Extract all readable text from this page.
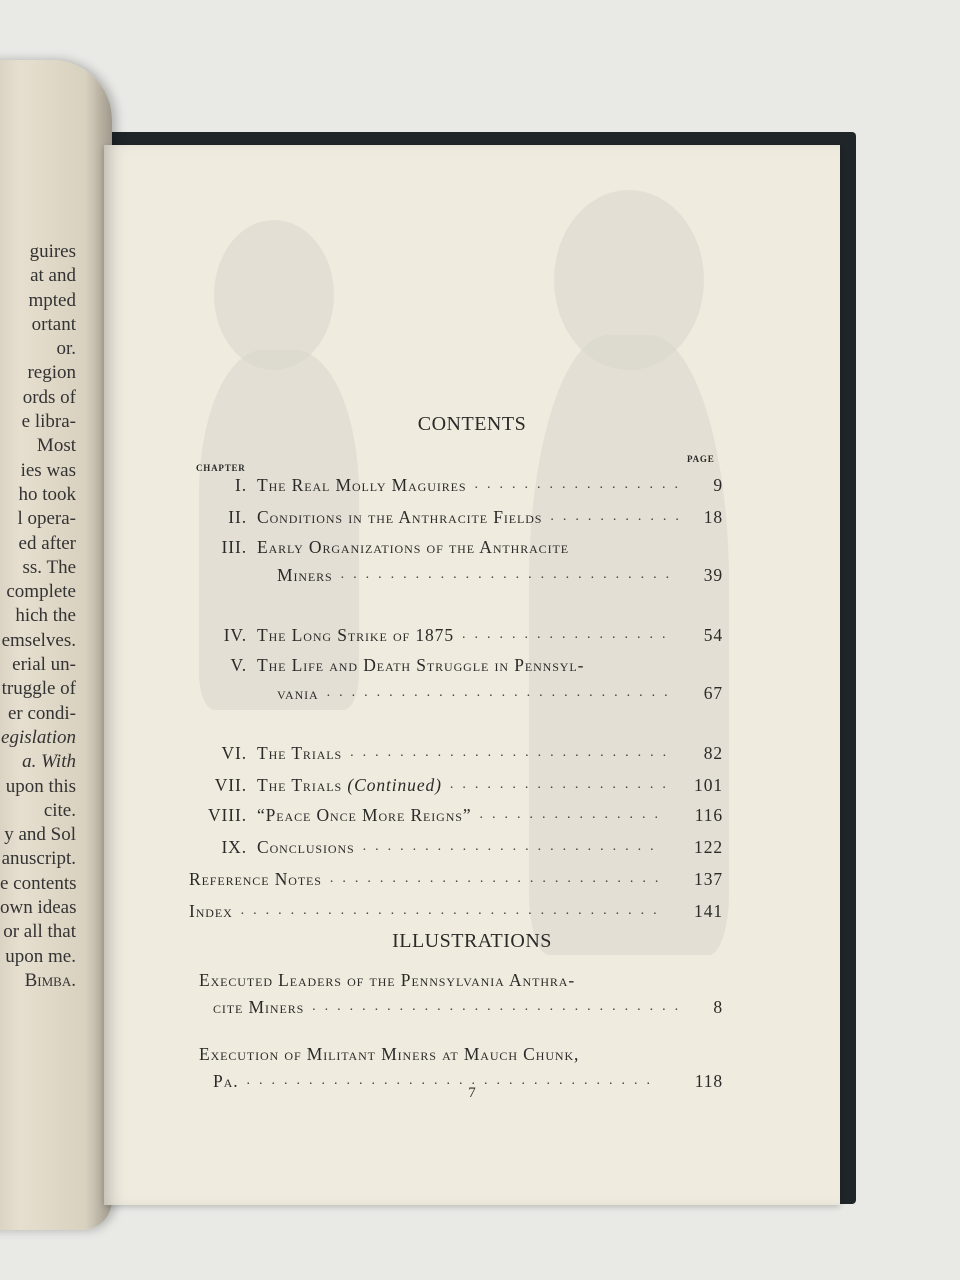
guires
at and
mpted
ortant
or.
region
ords of
e libra-
Most
ies was
ho took
l opera-
ed after
ss. The
complete
hich the
emselves.
erial un-
truggle of
er condi-
egislation
a. With
upon this
cite.
y and Sol
anuscript.
e contents
own ideas
or all that
upon me.
Bimba.
CONTENTS
CHAPTER
PAGE
I. The Real Molly Maguires	9
.................
II. Conditions in the Anthracite Fields	18
...........
III. Early Organizations of the Anthracite
Miners	39
...........................
IV. The Long Strike of 1875	54
.................
V. The Life and Death Struggle in Pennsyl-
vania	67
............................
VI. The Trials	82
..........................
VII. The Trials (Continued)	101
..................
VIII. “Peace Once More Reigns”	116
...............
IX. Conclusions	122
........................
Reference Notes	137
...........................
Index	141
..................................
ILLUSTRATIONS
Executed Leaders of the Pennsylvania Anthra-
cite Miners	8
..............................
Execution of Militant Miners at Mauch Chunk,
Pa.	118
.................................
7
